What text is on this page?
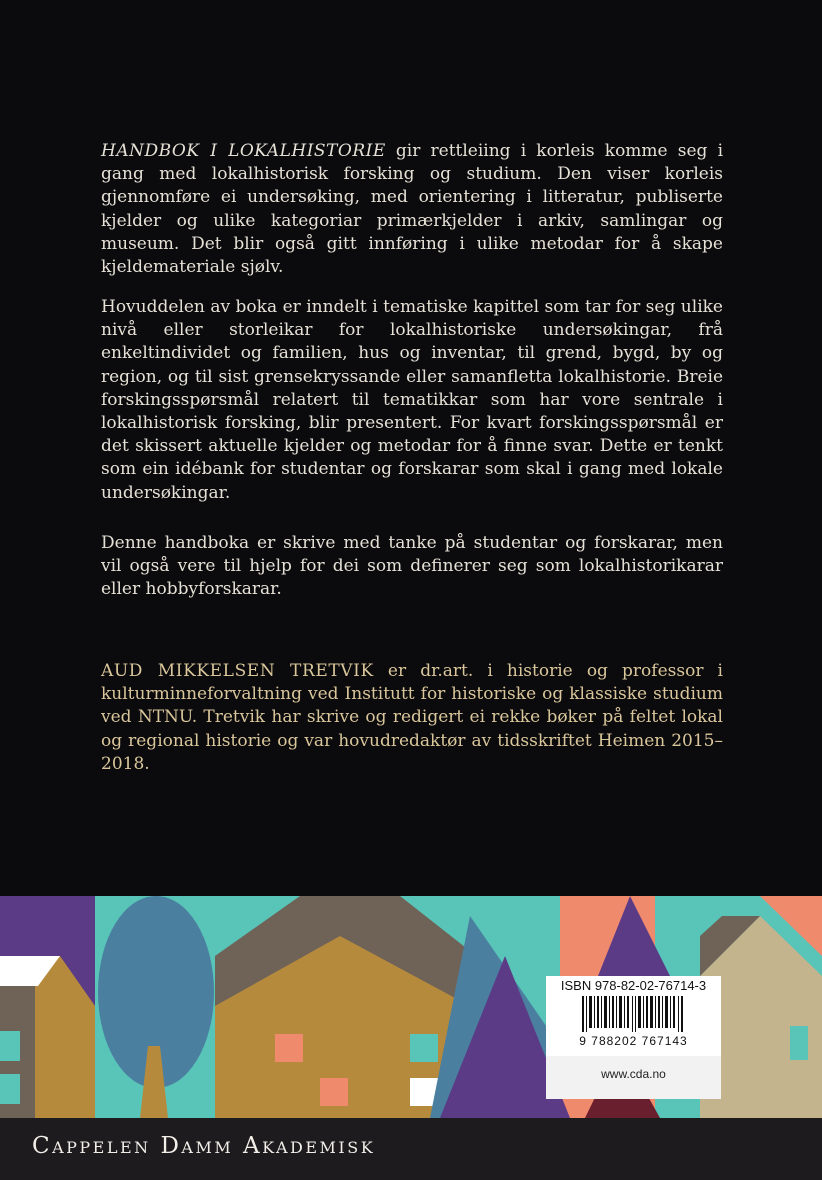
HANDBOK I LOKALHISTORIE gir rettleiing i korleis komme seg i gang med lokalhistorisk forsking og studium. Den viser korleis gjennomføre ei undersøking, med orientering i litteratur, publiserte kjelder og ulike kategoriar primærkjelder i arkiv, samlingar og museum. Det blir også gitt innføring i ulike metodar for å skape kjeldemateriale sjølv.

Hovuddelen av boka er inndelt i tematiske kapittel som tar for seg ulike nivå eller storleikar for lokalhistoriske undersøkingar, frå enkeltindividet og familien, hus og inventar, til grend, bygd, by og region, og til sist grensekryssande eller samanfletta lokalhistorie. Breie forskingsspørsmål relatert til tematikkar som har vore sentrale i lokalhistorisk forsking, blir presentert. For kvart forskingsspørsmål er det skissert aktuelle kjelder og metodar for å finne svar. Dette er tenkt som ein idébank for studentar og forskarar som skal i gang med lokale undersøkingar.

Denne handboka er skrive med tanke på studentar og forskarar, men vil også vere til hjelp for dei som definerer seg som lokalhistorikarar eller hobbyforskarar.

AUD MIKKELSEN TRETVIK er dr.art. i historie og professor i kulturminneforvaltning ved Institutt for historiske og klassiske studium ved NTNU. Tretvik har skrive og redigert ei rekke bøker på feltet lokal og regional historie og var hovudredaktør av tidsskriftet Heimen 2015–2018.

ISBN 978-82-02-76714-3
9 788202 767143
www.cda.no
Cappelen Damm Akademisk
